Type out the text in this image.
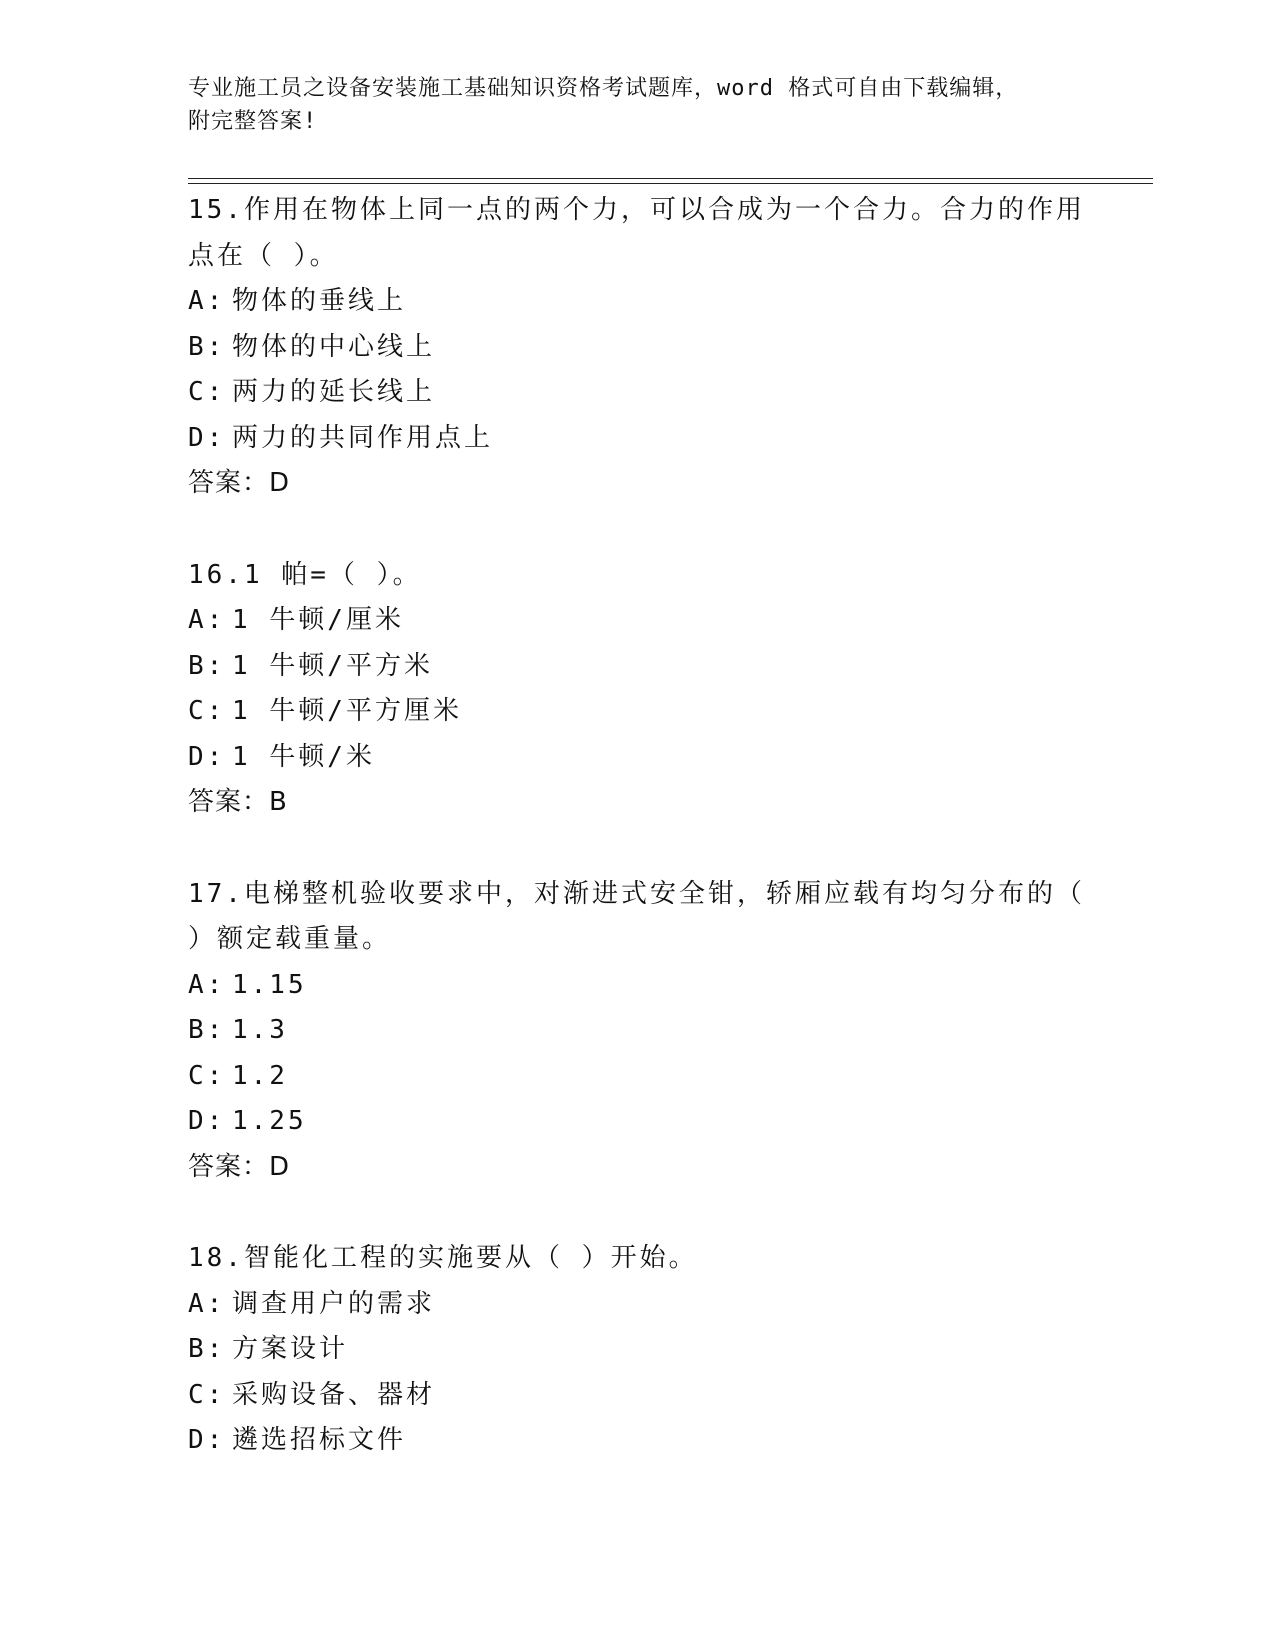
专业施工员之设备安装施工基础知识资格考试题库，word 格式可自由下载编辑，
附完整答案!
15.作用在物体上同一点的两个力，可以合成为一个合力。合力的作用
点在（ ）。
A: 物体的垂线上
B: 物体的中心线上
C: 两力的延长线上
D: 两力的共同作用点上
答案：D
16.1 帕=（ ）。
A: 1 牛顿/厘米
B: 1 牛顿/平方米
C: 1 牛顿/平方厘米
D: 1 牛顿/米
答案：B
17.电梯整机验收要求中，对渐进式安全钳，轿厢应载有均匀分布的（
）额定载重量。
A: 1.15
B: 1.3
C: 1.2
D: 1.25
答案：D
18.智能化工程的实施要从（ ）开始。
A: 调查用户的需求
B: 方案设计
C: 采购设备、器材
D: 遴选招标文件
